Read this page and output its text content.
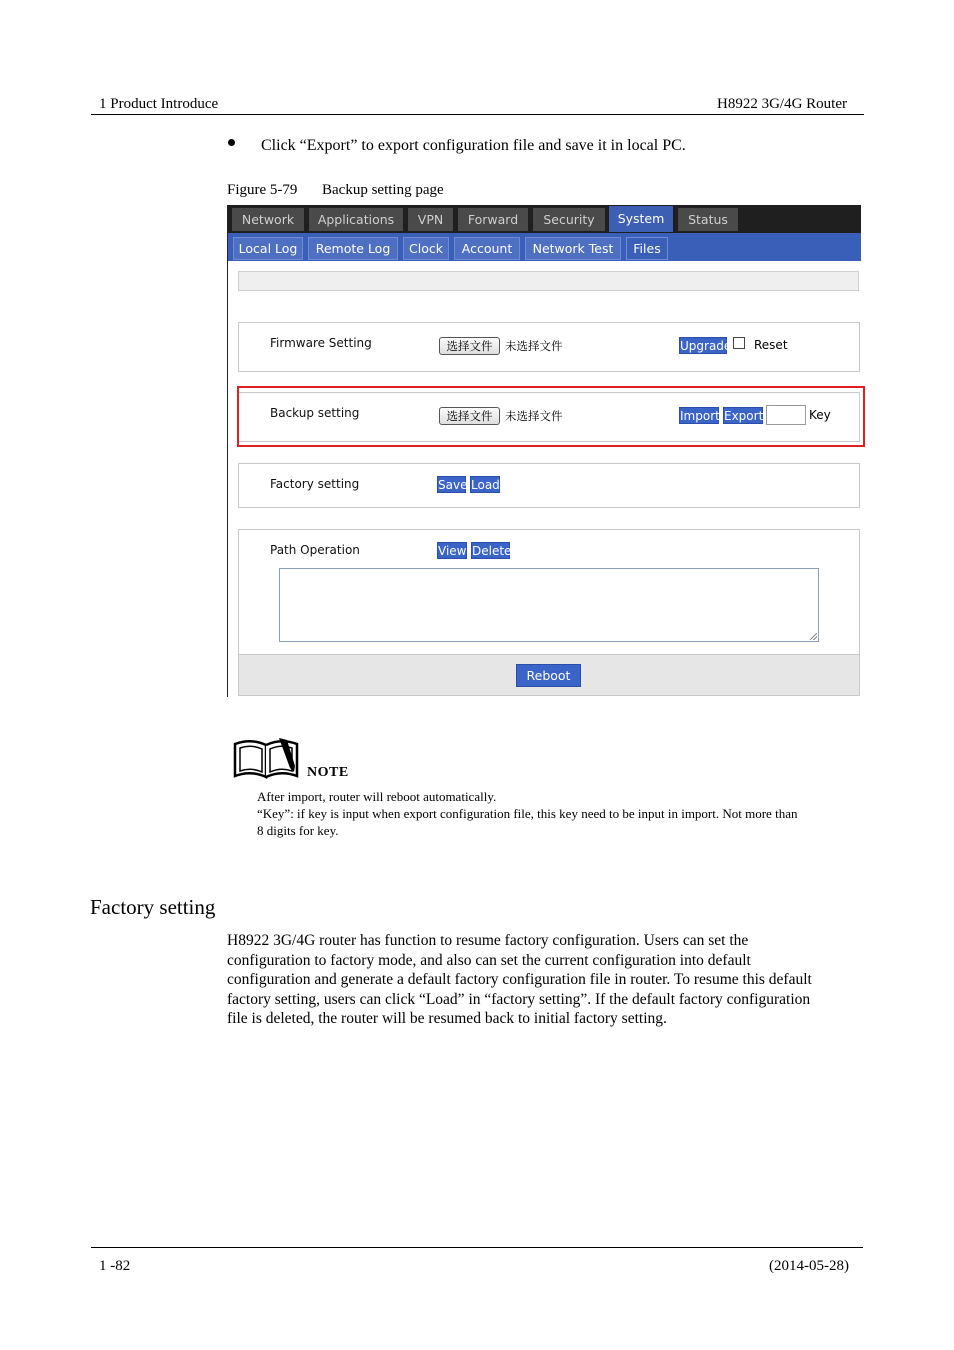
1 Product Introduce	H8922 3G/4G Router
Click “Export” to export configuration file and save it in local PC.
Figure 5-79 Backup setting page
Network	Applications	VPN	Forward	Security	System	Status
Local Log	Remote Log	Clock	Account	Network Test	Files
Firmware Setting	选择文件	未选择文件	Upgrade Reset
Backup setting	选择文件	未选择文件	Import Export	Key
Factory setting	Save Load
Path Operation	View Delete
Reboot
NOTE
After import, router will reboot automatically.
“Key”: if key is input when export configuration file, this key need to be input in import. Not more than
8 digits for key.
Factory setting
H8922 3G/4G router has function to resume factory configuration. Users can set the
configuration to factory mode, and also can set the current configuration into default
configuration and generate a default factory configuration file in router. To resume this default
factory setting, users can click “Load” in “factory setting”. If the default factory configuration
file is deleted, the router will be resumed back to initial factory setting.
1 -82	(2014-05-28)
